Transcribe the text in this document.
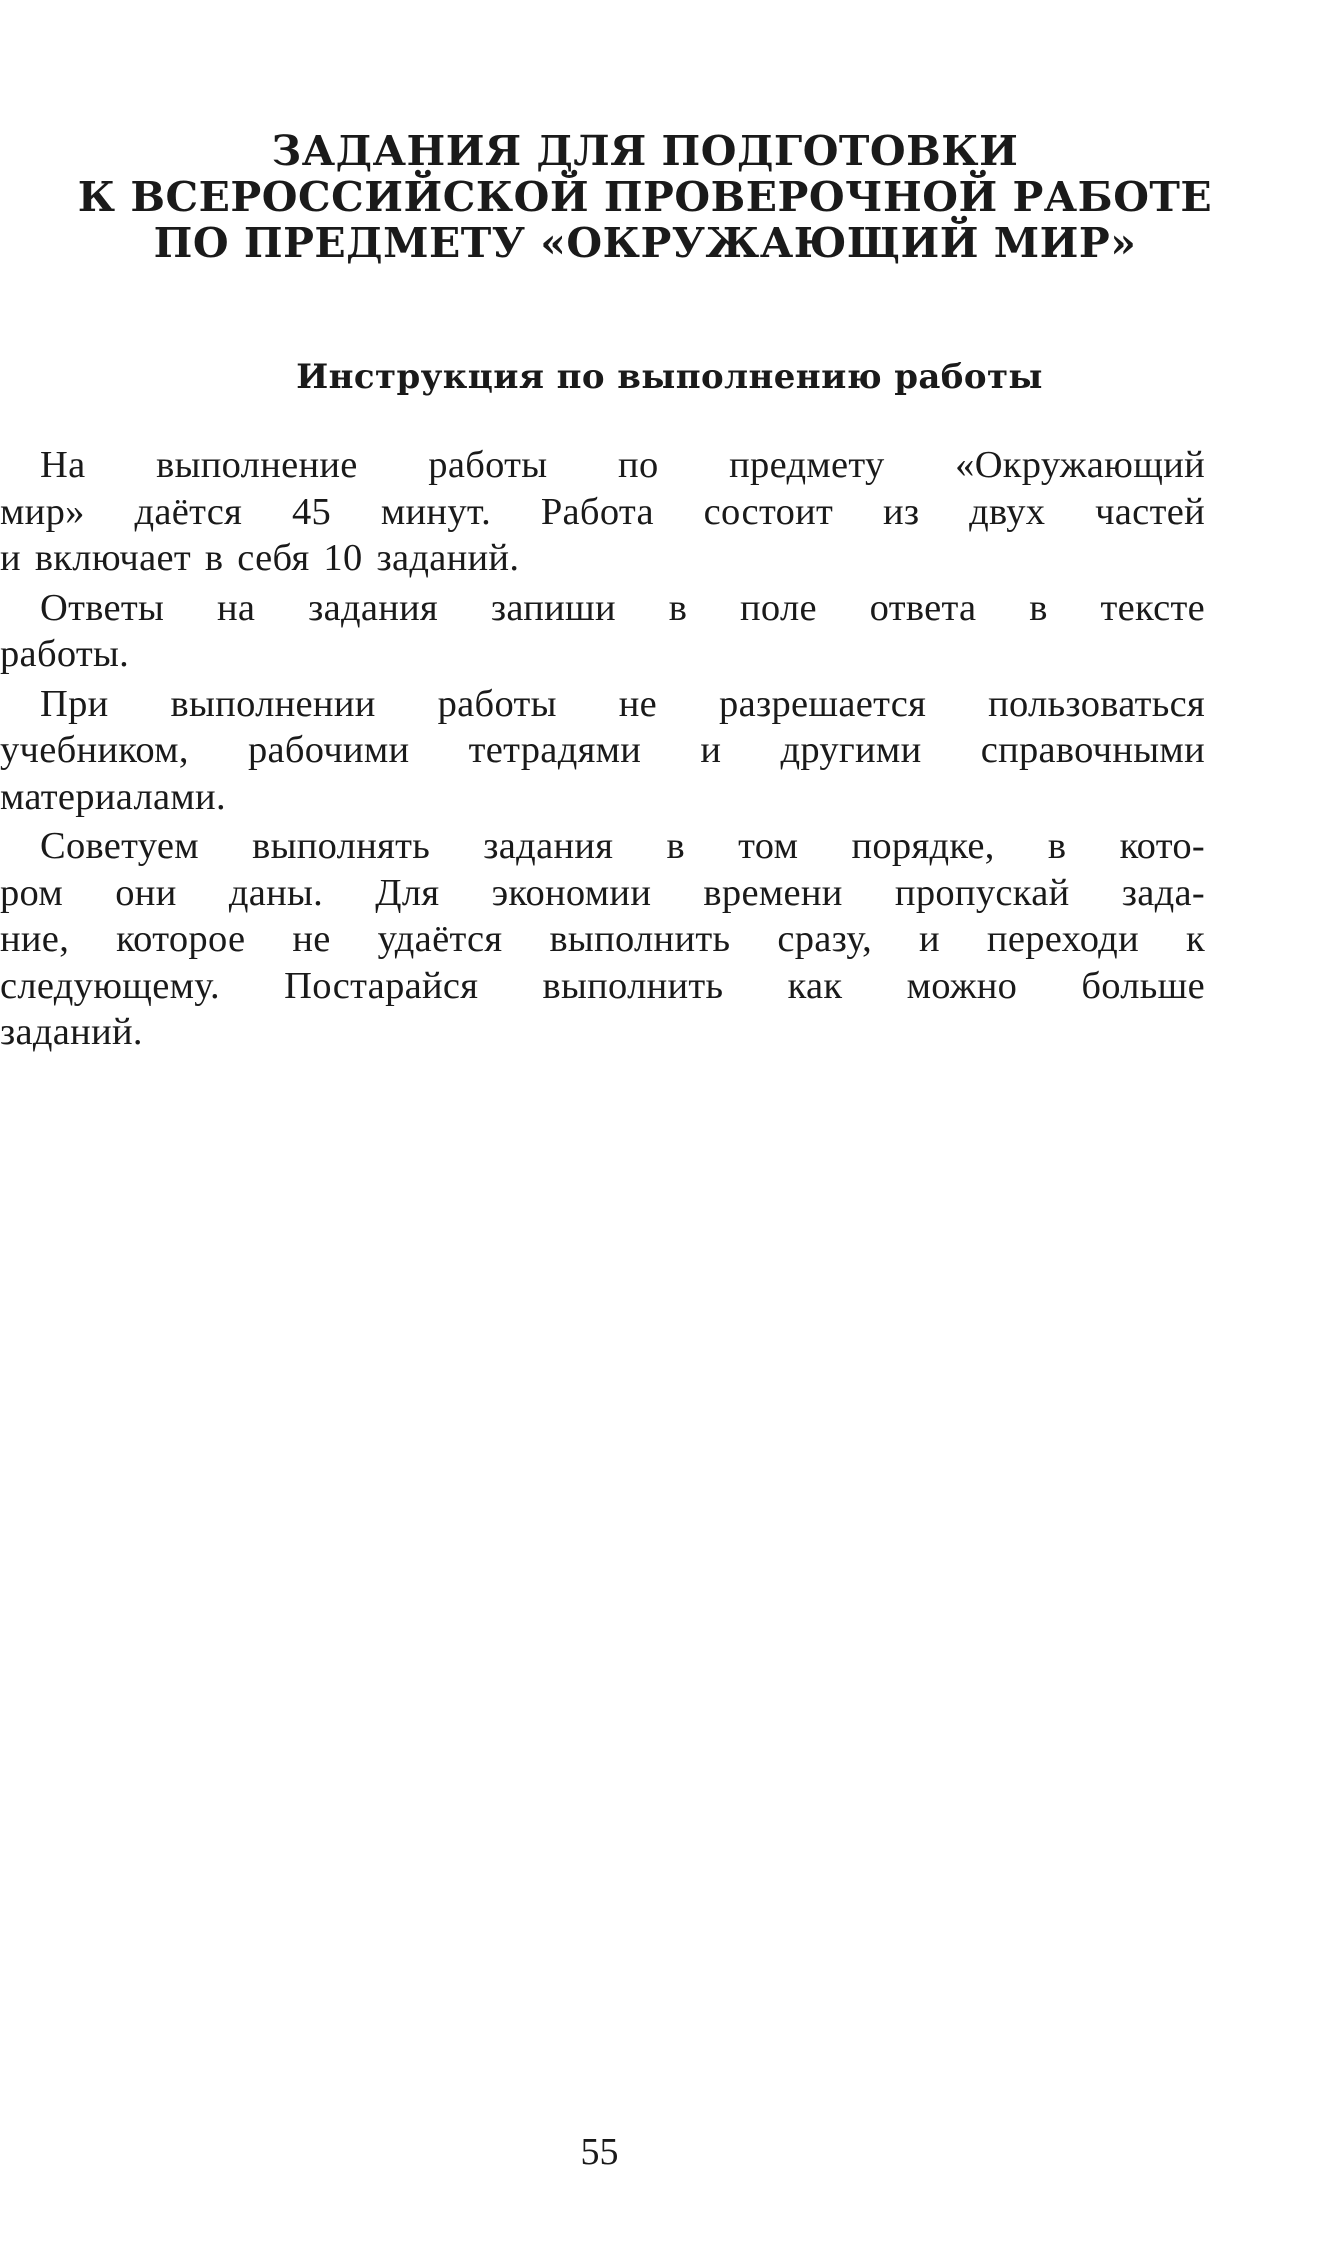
ЗАДАНИЯ ДЛЯ ПОДГОТОВКИ
К ВСЕРОССИЙСКОЙ ПРОВЕРОЧНОЙ РАБОТЕ
ПО ПРЕДМЕТУ «ОКРУЖАЮЩИЙ МИР»
Инструкция по выполнению работы

На выполнение работы по предмету «Окружающий
мир» даётся 45 минут. Работа состоит из двух частей
и включает в себя 10 заданий.

Ответы на задания запиши в поле ответа в тексте
работы.

При выполнении работы не разрешается пользоваться
учебником, рабочими тетрадями и другими справочными
материалами.

Советуем выполнять задания в том порядке, в кото-
ром они даны. Для экономии времени пропускай зада-
ние, которое не удаётся выполнить сразу, и переходи к
следующему. Постарайся выполнить как можно больше
заданий.

55
